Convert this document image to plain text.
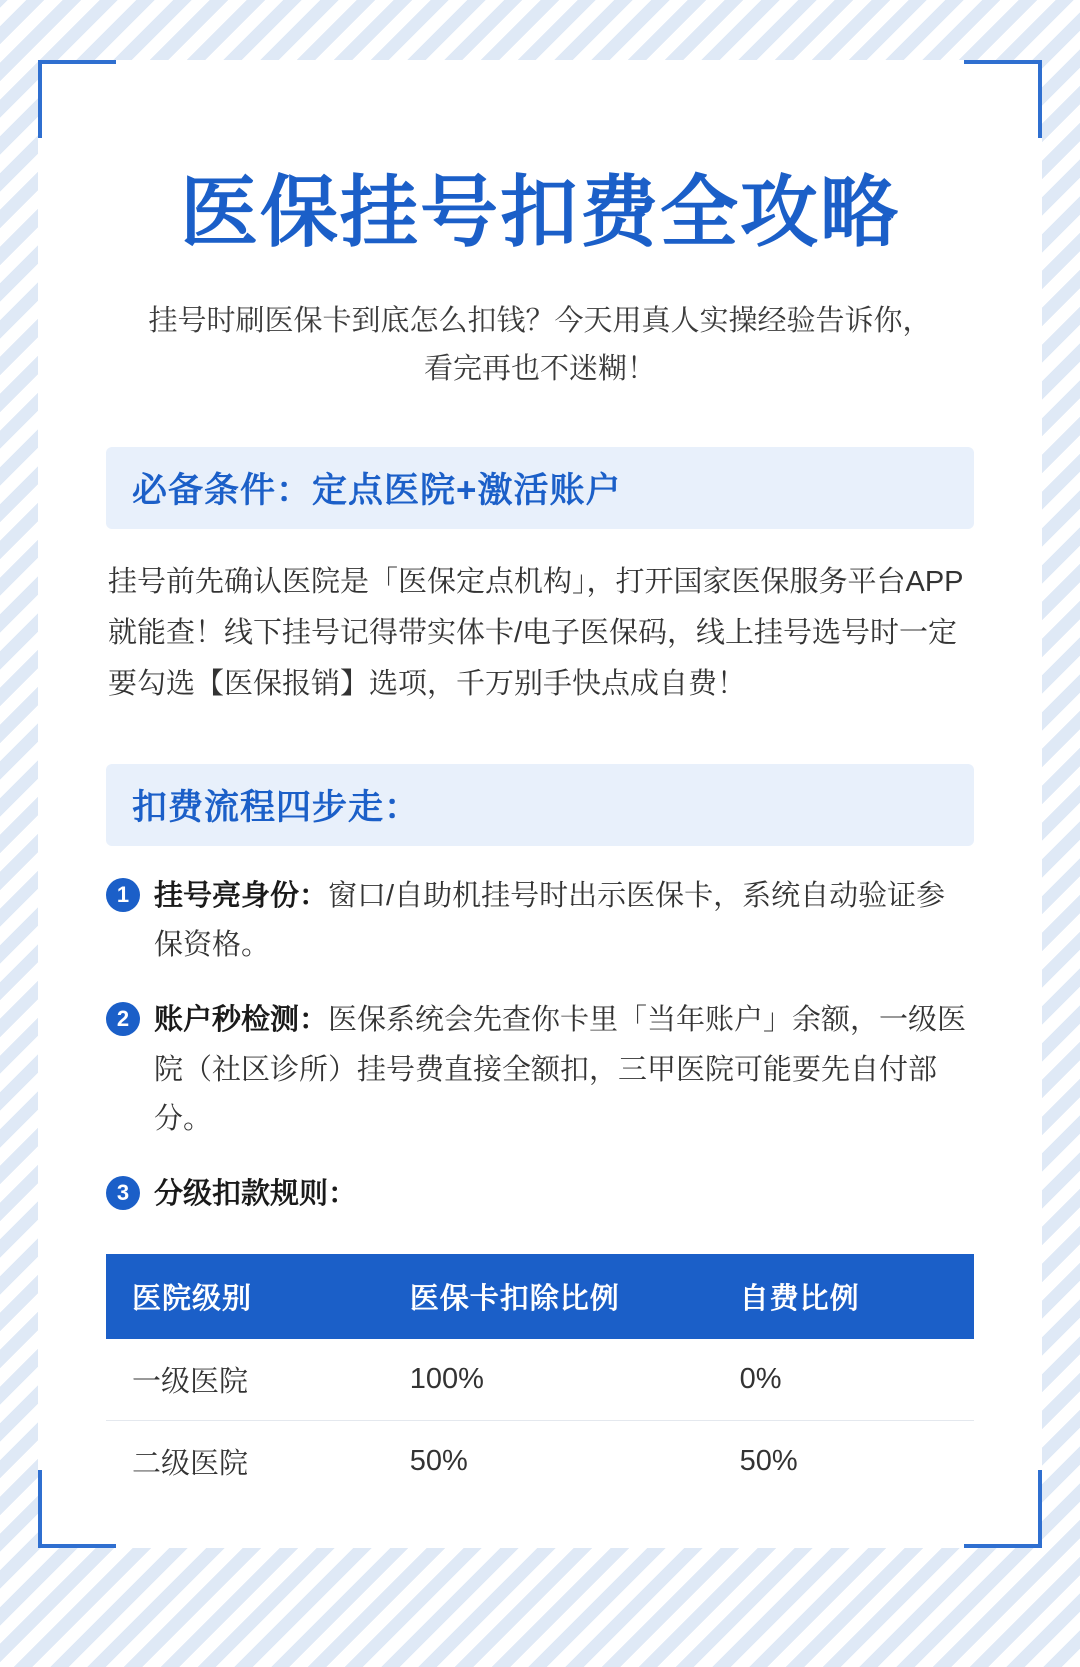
医保挂号扣费全攻略

挂号时刷医保卡到底怎么扣钱？今天用真人实操经验告诉你，看完再也不迷糊！

必备条件：定点医院+激活账户

挂号前先确认医院是「医保定点机构」，打开国家医保服务平台APP就能查！线下挂号记得带实体卡/电子医保码，线上挂号选号时一定要勾选【医保报销】选项，千万别手快点成自费！

扣费流程四步走：
1 挂号亮身份：窗口/自助机挂号时出示医保卡，系统自动验证参保资格。
2 账户秒检测：医保系统会先查你卡里「当年账户」余额，一级医院（社区诊所）挂号费直接全额扣，三甲医院可能要先自付部分。
3 分级扣款规则：
医院级别	医保卡扣除比例	自费比例
一级医院	100%	0%
二级医院	50%	50%
